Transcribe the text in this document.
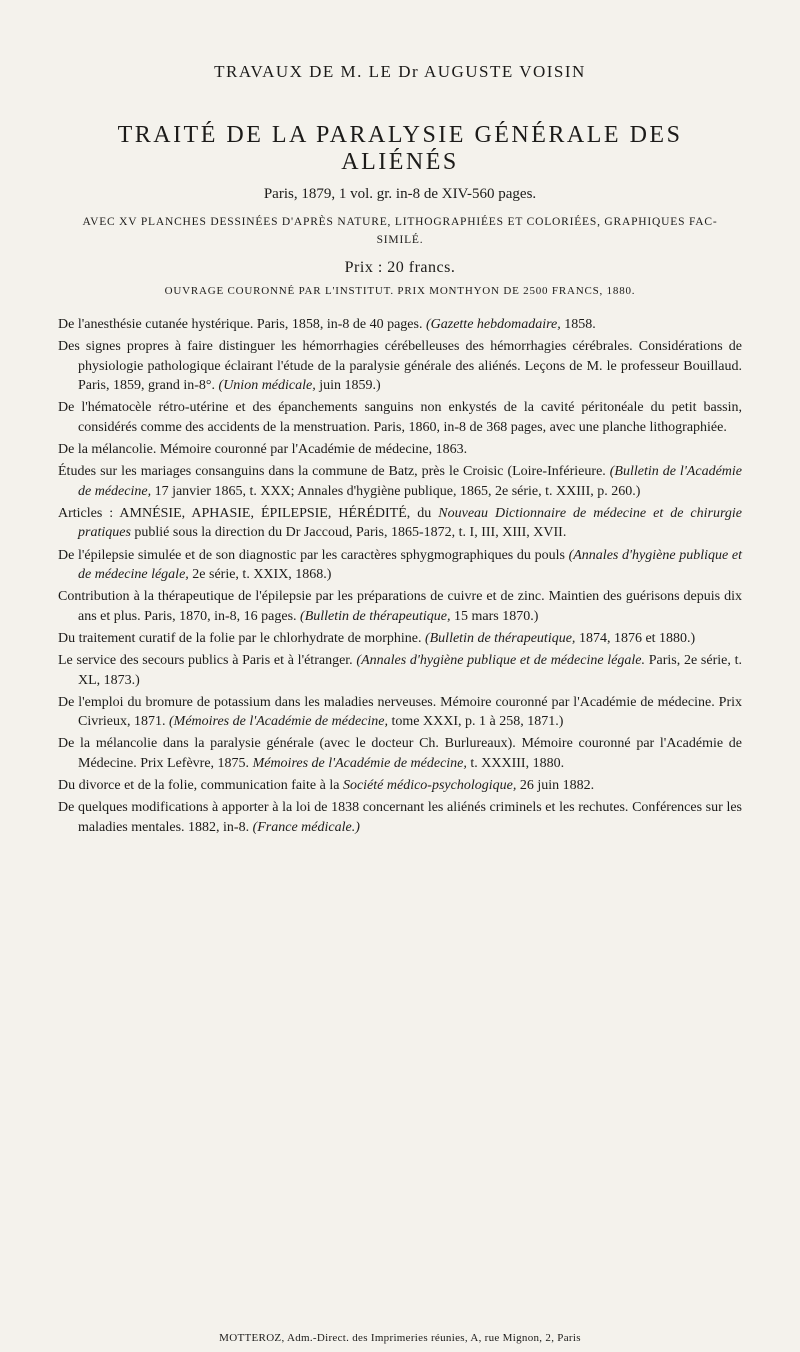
TRAVAUX DE M. LE Dr AUGUSTE VOISIN
TRAITÉ DE LA PARALYSIE GÉNÉRALE DES ALIÉNÉS
Paris, 1879, 1 vol. gr. in-8 de XIV-560 pages.
AVEC XV PLANCHES DESSINÉES D'APRÈS NATURE, LITHOGRAPHIÉES ET COLORIÉES, GRAPHIQUES FAC-SIMILÉ.
Prix : 20 francs.
OUVRAGE COURONNÉ PAR L'INSTITUT. PRIX MONTHYON DE 2500 FRANCS, 1880.
De l'anesthésie cutanée hystérique. Paris, 1858, in-8 de 40 pages. (Gazette hebdomadaire, 1858.
Des signes propres à faire distinguer les hémorrhagies cérébelleuses des hémorrhagies cérébrales. Considérations de physiologie pathologique éclairant l'étude de la paralysie générale des aliénés. Leçons de M. le professeur Bouillaud. Paris, 1859, grand in-8°. (Union médicale, juin 1859.)
De l'hématocèle rétro-utérine et des épanchements sanguins non enkystés de la cavité péritonéale du petit bassin, considérés comme des accidents de la menstruation. Paris, 1860, in-8 de 368 pages, avec une planche lithographiée.
De la mélancolie. Mémoire couronné par l'Académie de médecine, 1863.
Études sur les mariages consanguins dans la commune de Batz, près le Croisic (Loire-Inférieure. (Bulletin de l'Académie de médecine, 17 janvier 1865, t. XXX; Annales d'hygiène publique, 1865, 2e série, t. XXIII, p. 260.)
Articles : AMNÉSIE, APHASIE, ÉPILEPSIE, HÉRÉDITÉ, du Nouveau Dictionnaire de médecine et de chirurgie pratiques publié sous la direction du Dr Jaccoud, Paris, 1865-1872, t. I, III, XIII, XVII.
De l'épilepsie simulée et de son diagnostic par les caractères sphygmographiques du pouls (Annales d'hygiène publique et de médecine légale, 2e série, t. XXIX, 1868.)
Contribution à la thérapeutique de l'épilepsie par les préparations de cuivre et de zinc. Maintien des guérisons depuis dix ans et plus. Paris, 1870, in-8, 16 pages. (Bulletin de thérapeutique, 15 mars 1870.)
Du traitement curatif de la folie par le chlorhydrate de morphine. (Bulletin de thérapeutique, 1874, 1876 et 1880.)
Le service des secours publics à Paris et à l'étranger. (Annales d'hygiène publique et de médecine légale. Paris, 2e série, t. XL, 1873.)
De l'emploi du bromure de potassium dans les maladies nerveuses. Mémoire couronné par l'Académie de médecine. Prix Civrieux, 1871. (Mémoires de l'Académie de médecine, tome XXXI, p. 1 à 258, 1871.)
De la mélancolie dans la paralysie générale (avec le docteur Ch. Burlureaux). Mémoire couronné par l'Académie de Médecine. Prix Lefèvre, 1875. Mémoires de l'Académie de médecine, t. XXXIII, 1880.
Du divorce et de la folie, communication faite à la Société médico-psychologique, 26 juin 1882.
De quelques modifications à apporter à la loi de 1838 concernant les aliénés criminels et les rechutes. Conférences sur les maladies mentales. 1882, in-8. (France médicale.)
MOTTEROZ, Adm.-Direct. des Imprimeries réunies, A, rue Mignon, 2, Paris
